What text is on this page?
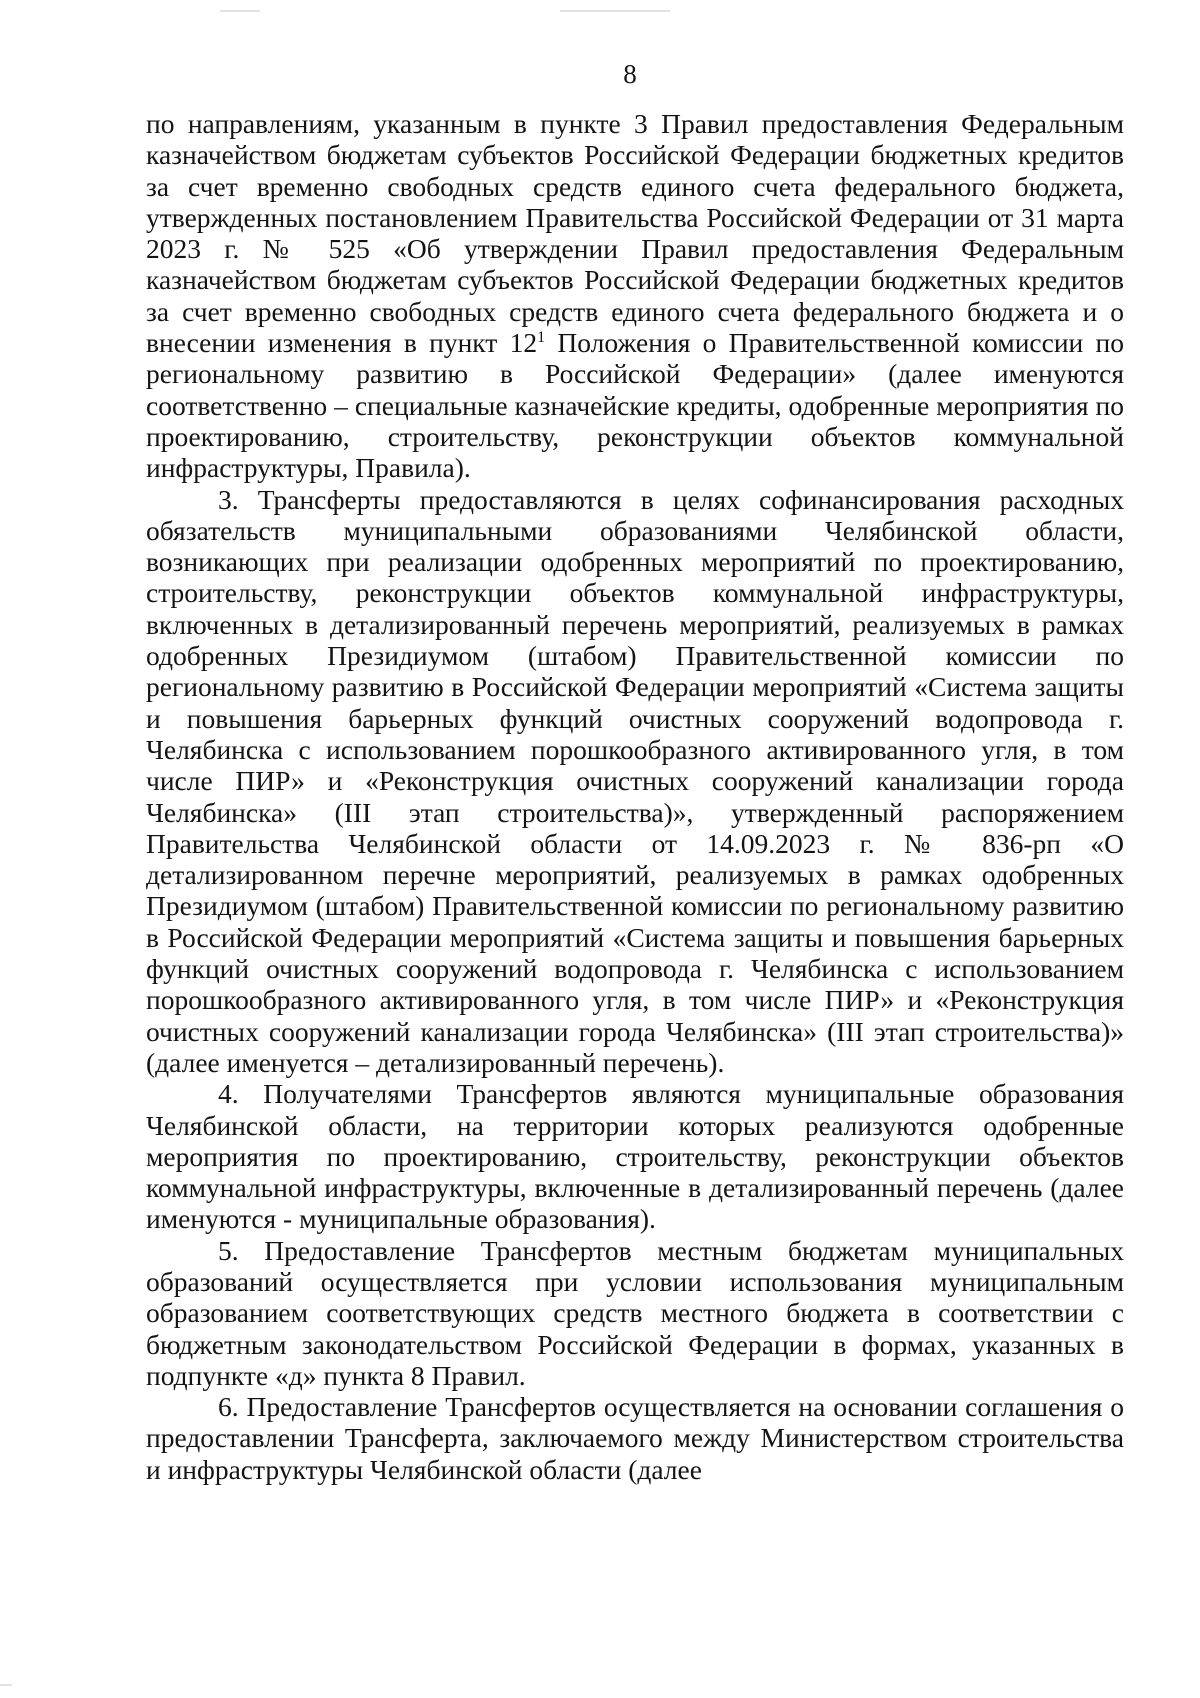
8

по направлениям, указанным в пункте 3 Правил предоставления Федеральным казначейством бюджетам субъектов Российской Федерации бюджетных кредитов за счет временно свободных средств единого счета федерального бюджета, утвержденных постановлением Правительства Российской Федерации от 31 марта 2023 г. № 525 «Об утверждении Правил предоставления Федеральным казначейством бюджетам субъектов Российской Федерации бюджетных кредитов за счет временно свободных средств единого счета федерального бюджета и о внесении изменения в пункт $12^1$ Положения о Правительственной комиссии по региональному развитию в Российской Федерации» (далее именуются соответственно – специальные казначейские кредиты, одобренные мероприятия по проектированию, строительству, реконструкции объектов коммунальной инфраструктуры, Правила).

3. Трансферты предоставляются в целях софинансирования расходных обязательств муниципальными образованиями Челябинской области, возникающих при реализации одобренных мероприятий по проектированию, строительству, реконструкции объектов коммунальной инфраструктуры, включенных в детализированный перечень мероприятий, реализуемых в рамках одобренных Президиумом (штабом) Правительственной комиссии по региональному развитию в Российской Федерации мероприятий «Система защиты и повышения барьерных функций очистных сооружений водопровода г. Челябинска с использованием порошкообразного активированного угля, в том числе ПИР» и «Реконструкция очистных сооружений канализации города Челябинска» (III этап строительства)», утвержденный распоряжением Правительства Челябинской области от 14.09.2023 г. № 836-рп «О детализированном перечне мероприятий, реализуемых в рамках одобренных Президиумом (штабом) Правительственной комиссии по региональному развитию в Российской Федерации мероприятий «Система защиты и повышения барьерных функций очистных сооружений водопровода г. Челябинска с использованием порошкообразного активированного угля, в том числе ПИР» и «Реконструкция очистных сооружений канализации города Челябинска» (III этап строительства)» (далее именуется – детализированный перечень).

4. Получателями Трансфертов являются муниципальные образования Челябинской области, на территории которых реализуются одобренные мероприятия по проектированию, строительству, реконструкции объектов коммунальной инфраструктуры, включенные в детализированный перечень (далее именуются - муниципальные образования).

5. Предоставление Трансфертов местным бюджетам муниципальных образований осуществляется при условии использования муниципальным образованием соответствующих средств местного бюджета в соответствии с бюджетным законодательством Российской Федерации в формах, указанных в подпункте «д» пункта 8 Правил.

6. Предоставление Трансфертов осуществляется на основании соглашения о предоставлении Трансферта, заключаемого между Министерством строительства и инфраструктуры Челябинской области (далее
